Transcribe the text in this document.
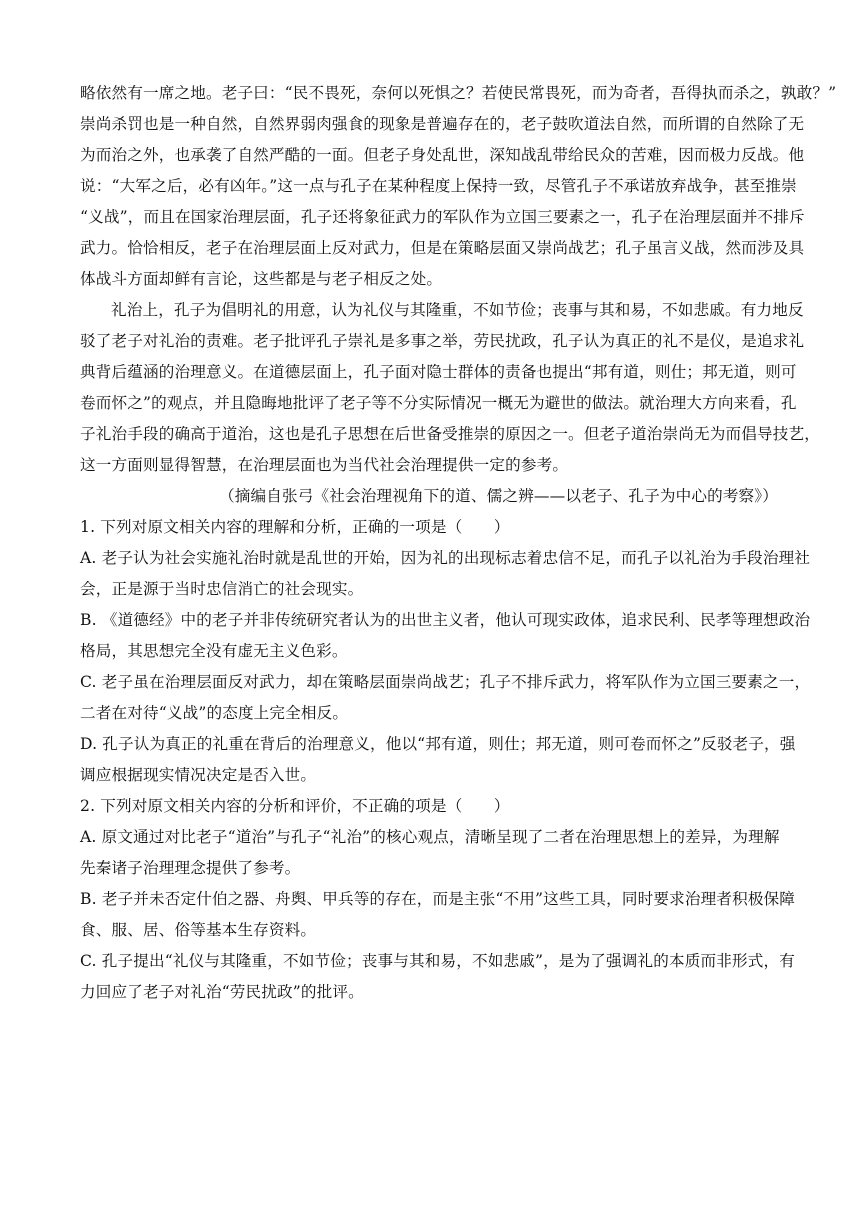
略依然有一席之地。老子曰：“民不畏死，奈何以死惧之？若使民常畏死，而为奇者，吾得执而杀之，孰敢？”
崇尚杀罚也是一种自然，自然界弱肉强食的现象是普遍存在的，老子鼓吹道法自然，而所谓的自然除了无
为而治之外，也承袭了自然严酷的一面。但老子身处乱世，深知战乱带给民众的苦难，因而极力反战。他
说：“大军之后，必有凶年。”这一点与孔子在某种程度上保持一致，尽管孔子不承诺放弃战争，甚至推崇
“义战”，而且在国家治理层面，孔子还将象征武力的军队作为立国三要素之一，孔子在治理层面并不排斥
武力。恰恰相反，老子在治理层面上反对武力，但是在策略层面又崇尚战艺；孔子虽言义战，然而涉及具
体战斗方面却鲜有言论，这些都是与老子相反之处。
礼治上，孔子为倡明礼的用意，认为礼仪与其隆重，不如节俭；丧事与其和易，不如悲戚。有力地反
驳了老子对礼治的责难。老子批评孔子崇礼是多事之举，劳民扰政，孔子认为真正的礼不是仪，是追求礼
典背后蕴涵的治理意义。在道德层面上，孔子面对隐士群体的责备也提出“邦有道，则仕；邦无道，则可
卷而怀之”的观点，并且隐晦地批评了老子等不分实际情况一概无为避世的做法。就治理大方向来看，孔
子礼治手段的确高于道治，这也是孔子思想在后世备受推崇的原因之一。但老子道治崇尚无为而倡导技艺，
这一方面则显得智慧，在治理层面也为当代社会治理提供一定的参考。
（摘编自张弓《社会治理视角下的道、儒之辨——以老子、孔子为中心的考察》）
1. 下列对原文相关内容的理解和分析，正确的一项是（　　）
A. 老子认为社会实施礼治时就是乱世的开始，因为礼的出现标志着忠信不足，而孔子以礼治为手段治理社
会，正是源于当时忠信消亡的社会现实。
B. 《道德经》中的老子并非传统研究者认为的出世主义者，他认可现实政体，追求民利、民孝等理想政治
格局，其思想完全没有虚无主义色彩。
C. 老子虽在治理层面反对武力，却在策略层面崇尚战艺；孔子不排斥武力，将军队作为立国三要素之一，
二者在对待“义战”的态度上完全相反。
D. 孔子认为真正的礼重在背后的治理意义，他以“邦有道，则仕；邦无道，则可卷而怀之”反驳老子，强
调应根据现实情况决定是否入世。
2. 下列对原文相关内容的分析和评价，不正确的项是（　　）
A. 原文通过对比老子“道治”与孔子“礼治”的核心观点，清晰呈现了二者在治理思想上的差异，为理解
先秦诸子治理理念提供了参考。
B. 老子并未否定什伯之器、舟舆、甲兵等的存在，而是主张“不用”这些工具，同时要求治理者积极保障
食、服、居、俗等基本生存资料。
C. 孔子提出“礼仪与其隆重，不如节俭；丧事与其和易，不如悲戚”，是为了强调礼的本质而非形式，有
力回应了老子对礼治“劳民扰政”的批评。
